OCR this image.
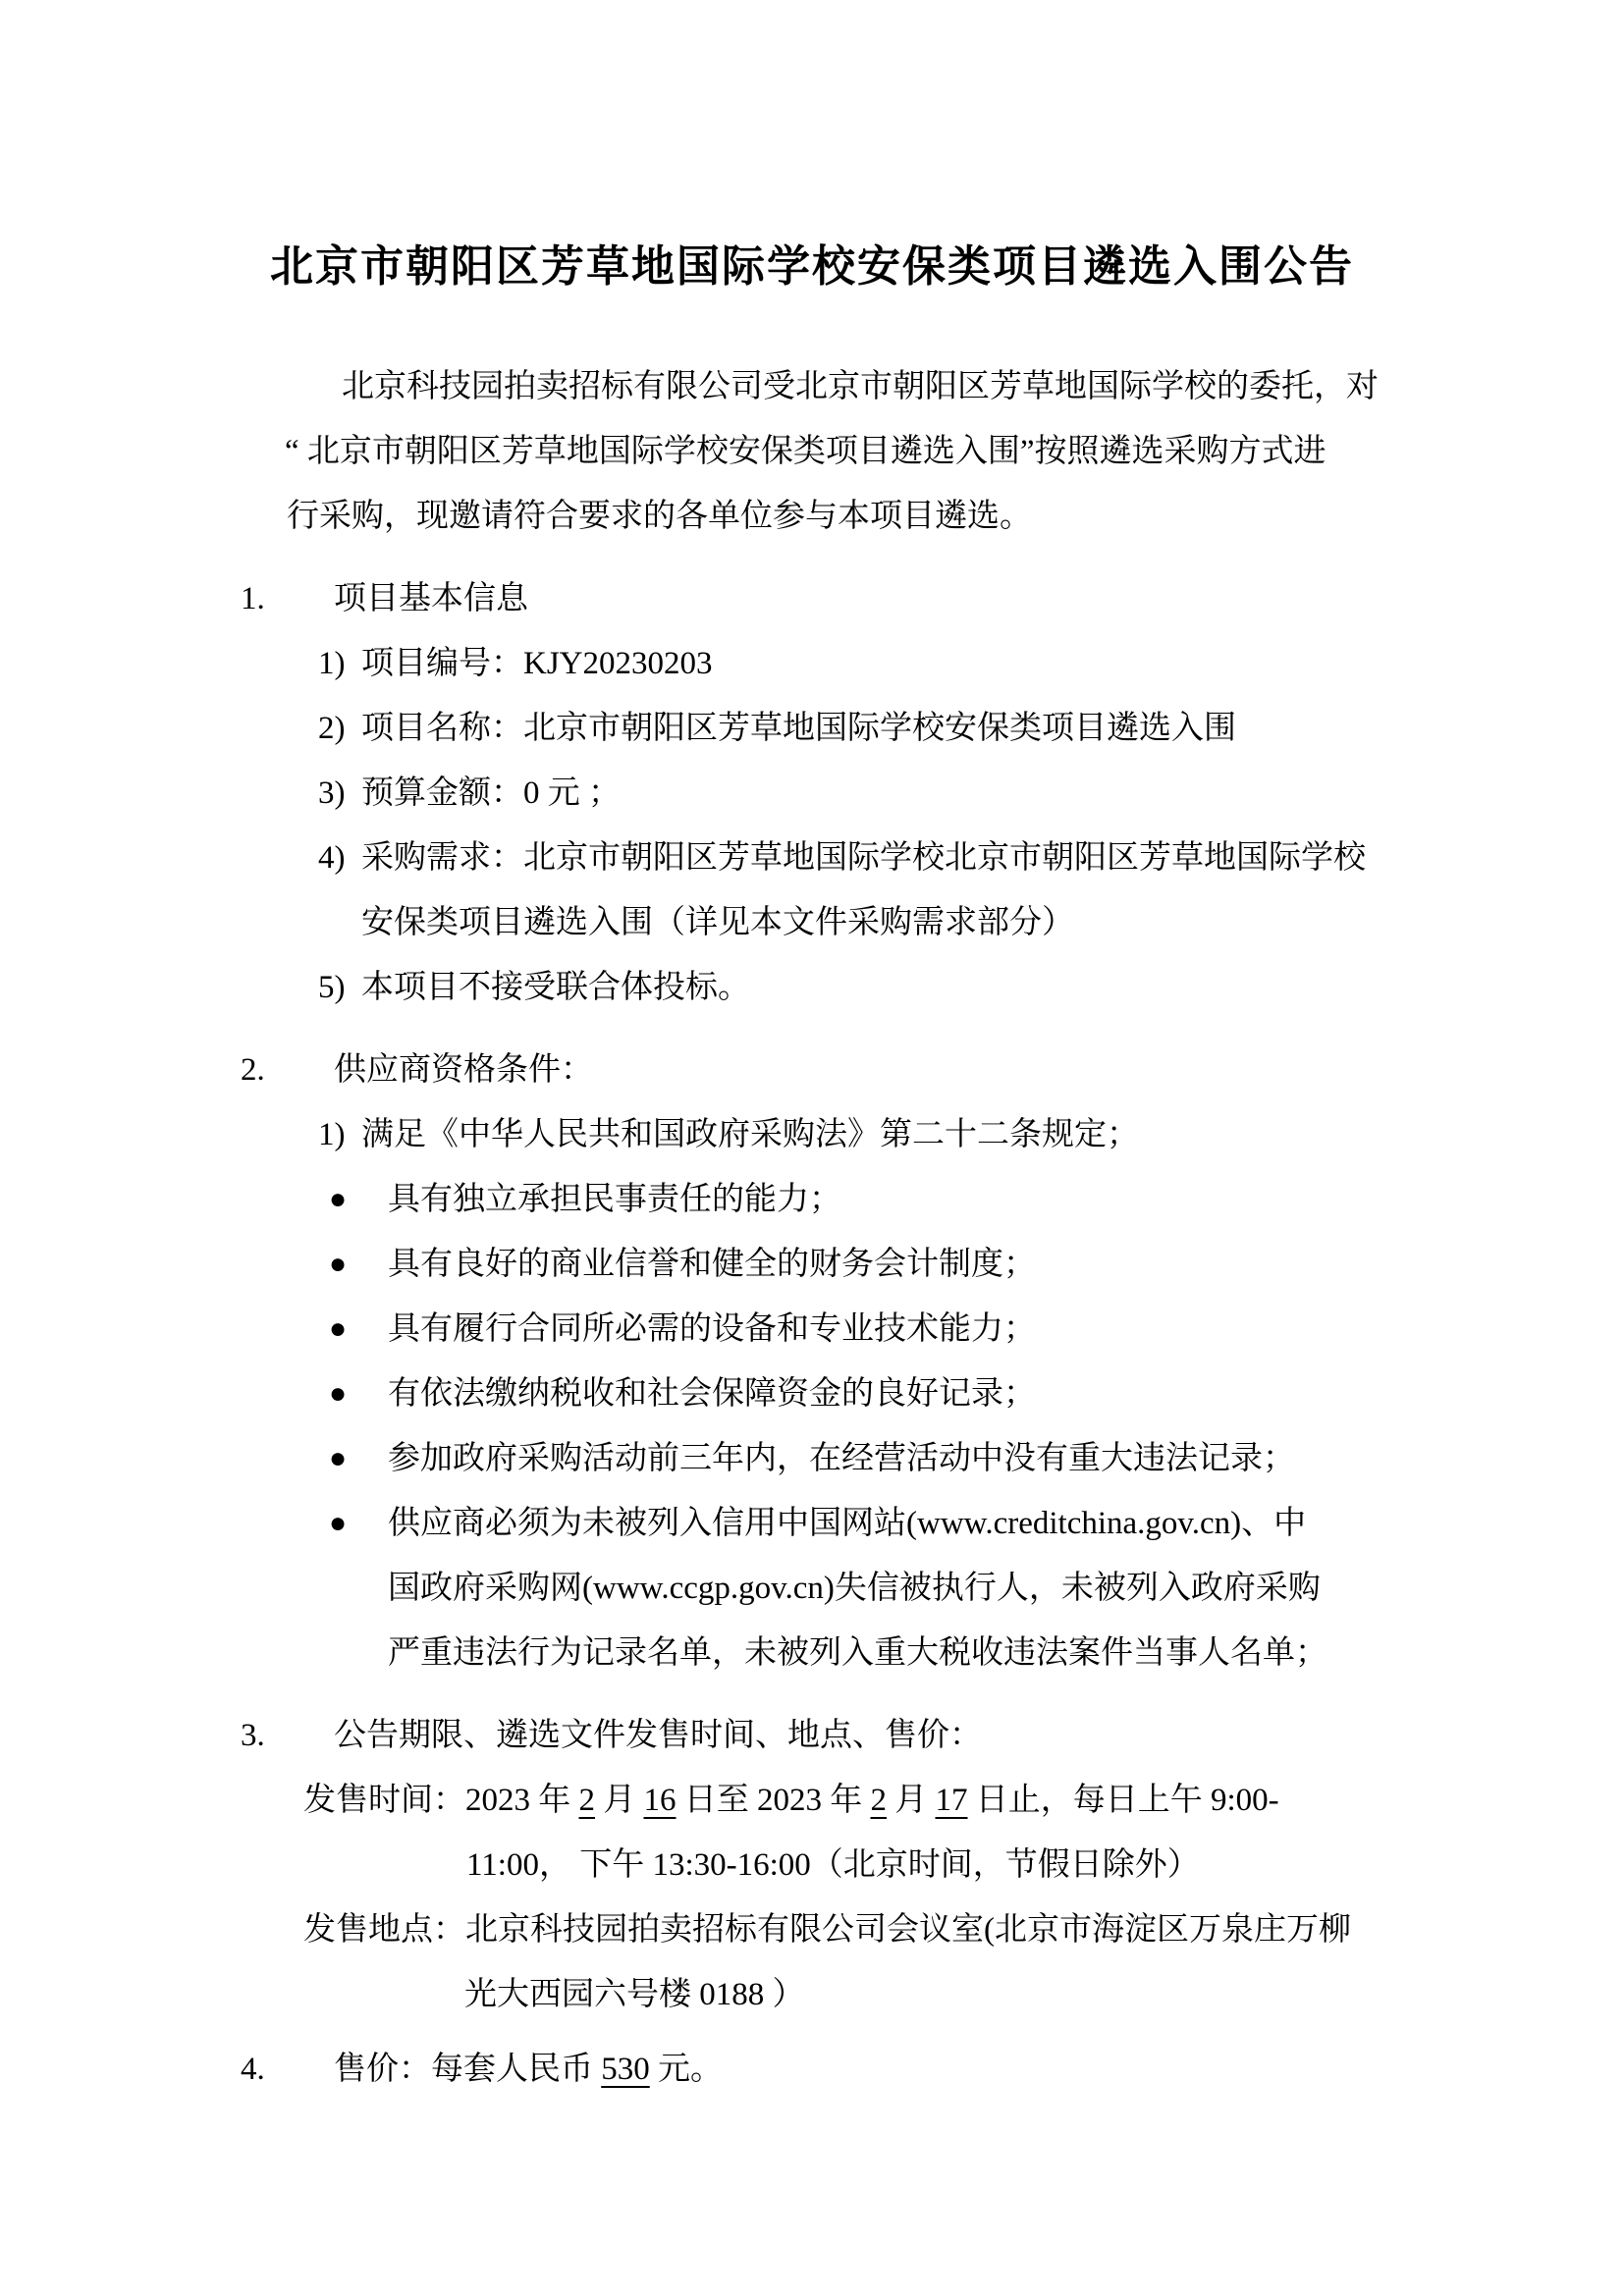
北京市朝阳区芳草地国际学校安保类项目遴选入围公告
北京科技园拍卖招标有限公司受北京市朝阳区芳草地国际学校的委托，对
“ 北京市朝阳区芳草地国际学校安保类项目遴选入围”按照遴选采购方式进
行采购，现邀请符合要求的各单位参与本项目遴选。
1.	项目基本信息
1) 项目编号：KJY20230203
2) 项目名称：北京市朝阳区芳草地国际学校安保类项目遴选入围
3) 预算金额：0 元 ；
4) 采购需求：北京市朝阳区芳草地国际学校北京市朝阳区芳草地国际学校
安保类项目遴选入围（详见本文件采购需求部分）
5) 本项目不接受联合体投标。
2.	供应商资格条件：
1) 满足《中华人民共和国政府采购法》第二十二条规定；
●	具有独立承担民事责任的能力；
●	具有良好的商业信誉和健全的财务会计制度；
●	具有履行合同所必需的设备和专业技术能力；
●	有依法缴纳税收和社会保障资金的良好记录；
●	参加政府采购活动前三年内，在经营活动中没有重大违法记录；
●	供应商必须为未被列入信用中国网站(www.creditchina.gov.cn)、中
国政府采购网(www.ccgp.gov.cn)失信被执行人，未被列入政府采购
严重违法行为记录名单，未被列入重大税收违法案件当事人名单；
3.	公告期限、遴选文件发售时间、地点、售价：
发售时间：2023 年 2 月 16 日至 2023 年 2 月 17 日止，每日上午 9:00-
11:00， 下午 13:30-16:00（北京时间，节假日除外）
发售地点：北京科技园拍卖招标有限公司会议室(北京市海淀区万泉庄万柳
光大西园六号楼 0188 ）
4.	售价：每套人民币 530 元。
